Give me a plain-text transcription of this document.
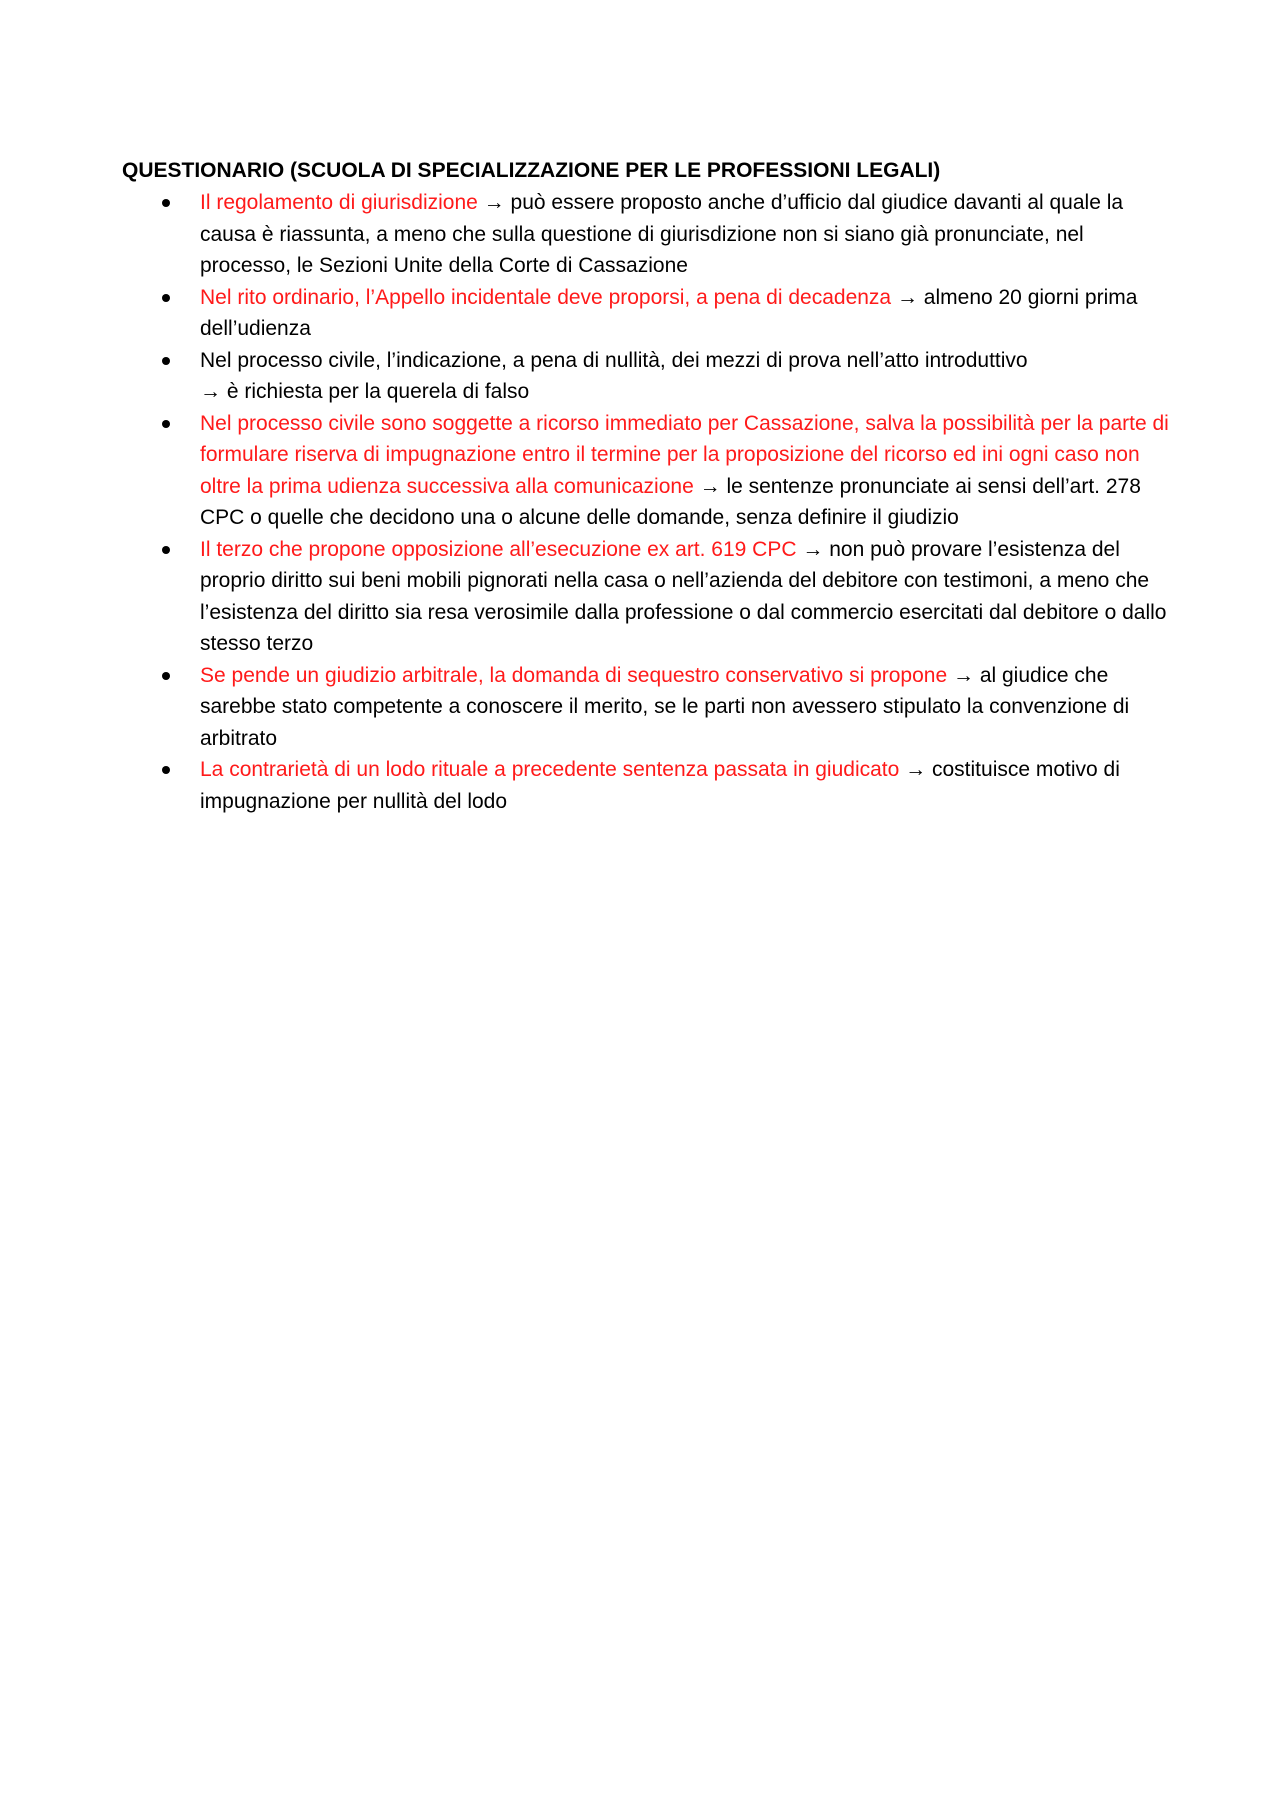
QUESTIONARIO (SCUOLA DI SPECIALIZZAZIONE PER LE PROFESSIONI LEGALI)
Il regolamento di giurisdizione → può essere proposto anche d’ufficio dal giudice davanti al quale la causa è riassunta, a meno che sulla questione di giurisdizione non si siano già pronunciate, nel processo, le Sezioni Unite della Corte di Cassazione
Nel rito ordinario, l’Appello incidentale deve proporsi, a pena di decadenza → almeno 20 giorni prima dell’udienza
Nel processo civile, l’indicazione, a pena di nullità, dei mezzi di prova nell’atto introduttivo
→ è richiesta per la querela di falso
Nel processo civile sono soggette a ricorso immediato per Cassazione, salva la possibilità per la parte di formulare riserva di impugnazione entro il termine per la proposizione del ricorso ed ini ogni caso non oltre la prima udienza successiva alla comunicazione → le sentenze pronunciate ai sensi dell’art. 278 CPC o quelle che decidono una o alcune delle domande, senza definire il giudizio
Il terzo che propone opposizione all’esecuzione ex art. 619 CPC → non può provare l’esistenza del proprio diritto sui beni mobili pignorati nella casa o nell’azienda del debitore con testimoni, a meno che l’esistenza del diritto sia resa verosimile dalla professione o dal commercio esercitati dal debitore o dallo stesso terzo
Se pende un giudizio arbitrale, la domanda di sequestro conservativo si propone → al giudice che sarebbe stato competente a conoscere il merito, se le parti non avessero stipulato la convenzione di arbitrato
La contrarietà di un lodo rituale a precedente sentenza passata in giudicato → costituisce motivo di impugnazione per nullità del lodo
